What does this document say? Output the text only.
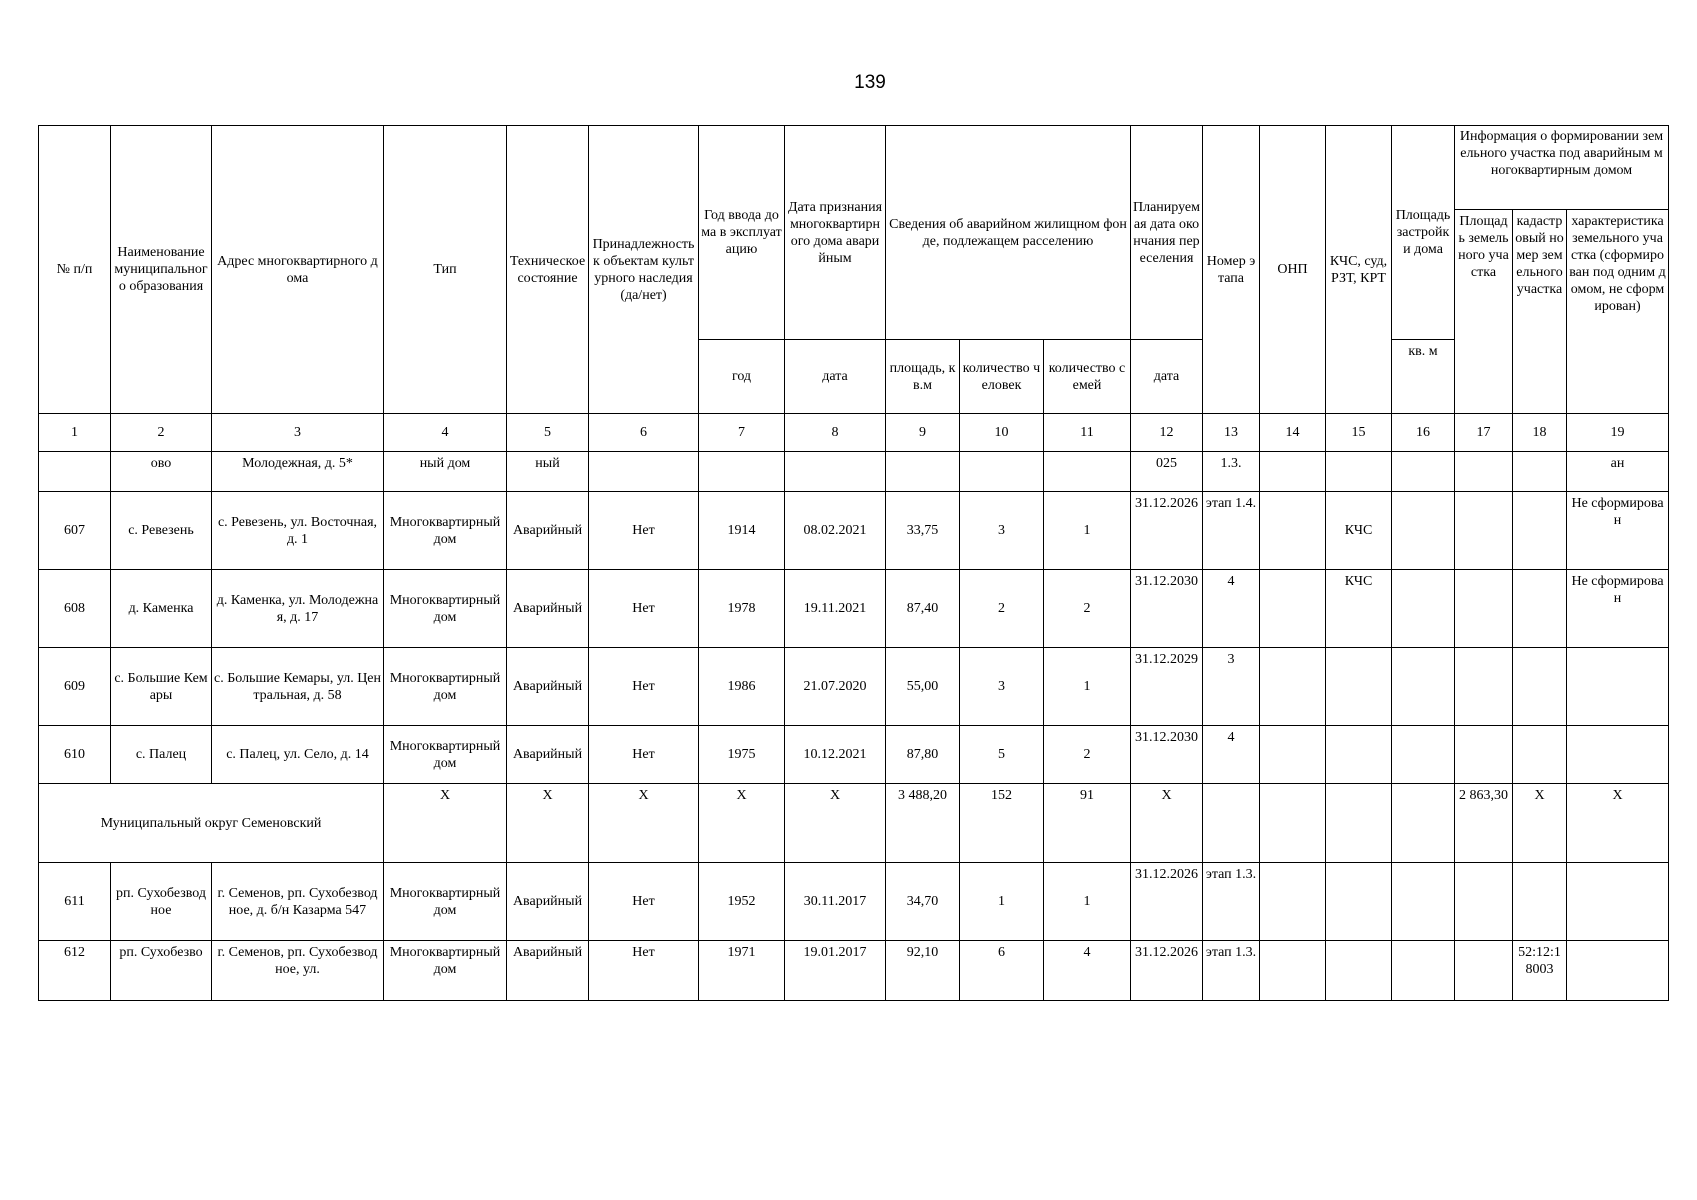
139
№ п/п	Наименование муниципального образования	Адрес многоквартирного дома	Тип	Техническое состояние	Принадлежность к объектам культурного наследия (да/нет)	Год ввода дома в эксплуатацию	Дата признания многоквартирного дома аварийным	Сведения об аварийном жилищном фонде, подлежащем расселению			Планируемая дата окончания переселения	Номер этапа	ОНП	КЧС, суд, РЗТ, КРТ	Площадь застройки дома	Информация о формировании земельного участка под аварийным многоквартирным домом		
																Площадь земельного участка	кадастровый номер земельного участка	характеристика земельного участка (сформирован под одним домом, не сформирован)
						год	дата	площадь, кв.м	количество человек	количество семей	дата				кв. м			
1	2	3	4	5	6	7	8	9	10	11	12	13	14	15	16	17	18	19
	ово	Молодежная, д. 5*	ный дом	ный							025	1.3.						ан
607	с. Ревезень	с. Ревезень, ул. Восточная, д. 1	Многоквартирный дом	Аварийный	Нет	1914	08.02.2021	33,75	3	1	31.12.2026	этап 1.4.		КЧС				Не сформирован
608	д. Каменка	д. Каменка, ул. Молодежная, д. 17	Многоквартирный дом	Аварийный	Нет	1978	19.11.2021	87,40	2	2	31.12.2030	4		КЧС				Не сформирован
609	с. Большие Кемары	с. Большие Кемары, ул. Центральная, д. 58	Многоквартирный дом	Аварийный	Нет	1986	21.07.2020	55,00	3	1	31.12.2029	3						
610	с. Палец	с. Палец, ул. Село, д. 14	Многоквартирный дом	Аварийный	Нет	1975	10.12.2021	87,80	5	2	31.12.2030	4						
Муниципальный округ Семеновский			X	X	X	X	X	3 488,20	152	91	X					2 863,30	X	X
611	рп. Сухобезводное	г. Семенов, рп. Сухобезводное, д. б/н Казарма 547	Многоквартирный дом	Аварийный	Нет	1952	30.11.2017	34,70	1	1	31.12.2026	этап 1.3.						
612	рп. Сухобезво	г. Семенов, рп. Сухобезводное, ул.	Многоквартирный дом	Аварийный	Нет	1971	19.01.2017	92,10	6	4	31.12.2026	этап 1.3.					52:12:18003	
